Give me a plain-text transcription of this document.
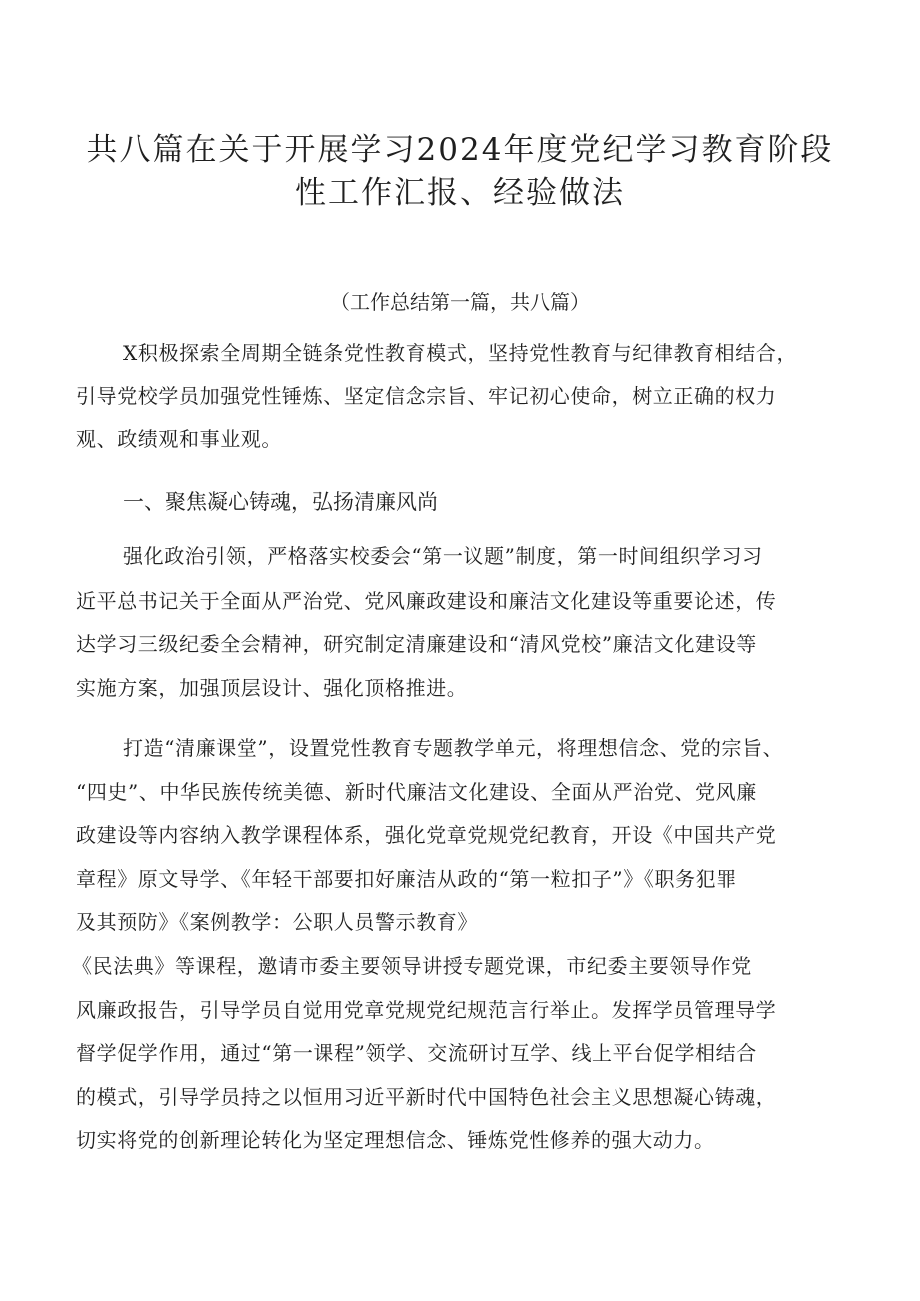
共八篇在关于开展学习2024年度党纪学习教育阶段
性工作汇报、经验做法
（工作总结第一篇，共八篇）
X积极探索全周期全链条党性教育模式，坚持党性教育与纪律教育相结合，
引导党校学员加强党性锤炼、坚定信念宗旨、牢记初心使命，树立正确的权力
观、政绩观和事业观。
一、聚焦凝心铸魂，弘扬清廉风尚
强化政治引领，严格落实校委会“第一议题”制度，第一时间组织学习习
近平总书记关于全面从严治党、党风廉政建设和廉洁文化建设等重要论述，传
达学习三级纪委全会精神，研究制定清廉建设和“清风党校”廉洁文化建设等
实施方案，加强顶层设计、强化顶格推进。
打造“清廉课堂”，设置党性教育专题教学单元，将理想信念、党的宗旨、
“四史”、中华民族传统美德、新时代廉洁文化建设、全面从严治党、党风廉
政建设等内容纳入教学课程体系，强化党章党规党纪教育，开设《中国共产党
章程》原文导学、《年轻干部要扣好廉洁从政的“第一粒扣子”》《职务犯罪
及其预防》《案例教学：公职人员警示教育》
《民法典》等课程，邀请市委主要领导讲授专题党课，市纪委主要领导作党
风廉政报告，引导学员自觉用党章党规党纪规范言行举止。发挥学员管理导学
督学促学作用，通过“第一课程”领学、交流研讨互学、线上平台促学相结合
的模式，引导学员持之以恒用习近平新时代中国特色社会主义思想凝心铸魂，
切实将党的创新理论转化为坚定理想信念、锤炼党性修养的强大动力。
